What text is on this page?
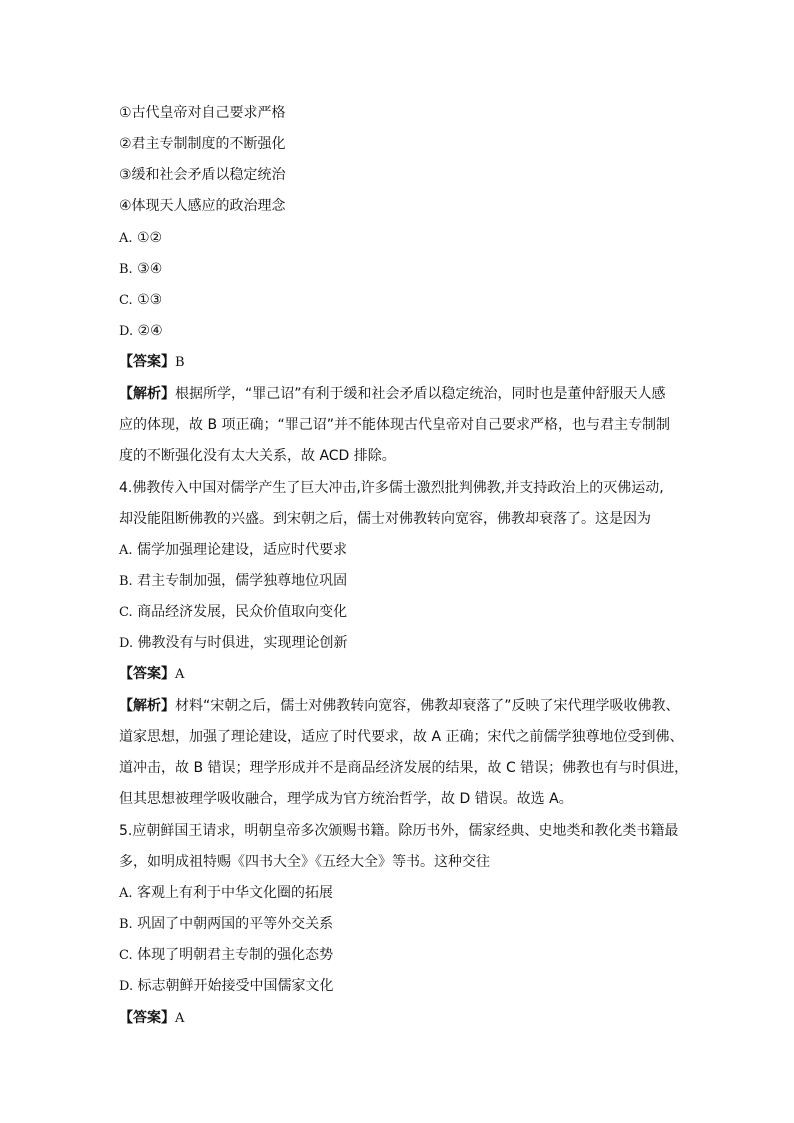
①古代皇帝对自己要求严格
②君主专制制度的不断强化
③缓和社会矛盾以稳定统治
④体现天人感应的政治理念
A. ①②
B. ③④
C. ①③
D. ②④
【答案】B
【解析】根据所学，“罪己诏”有利于缓和社会矛盾以稳定统治，同时也是董仲舒服天人感
应的体现，故 B 项正确；“罪己诏”并不能体现古代皇帝对自己要求严格，也与君主专制制
度的不断强化没有太大关系，故 ACD 排除。
4.佛教传入中国对儒学产生了巨大冲击,许多儒士激烈批判佛教,并支持政治上的灭佛运动,
却没能阻断佛教的兴盛。到宋朝之后，儒士对佛教转向宽容，佛教却衰落了。这是因为
A. 儒学加强理论建设，适应时代要求
B. 君主专制加强，儒学独尊地位巩固
C. 商品经济发展，民众价值取向变化
D. 佛教没有与时俱进，实现理论创新
【答案】A
【解析】材料“宋朝之后，儒士对佛教转向宽容，佛教却衰落了”反映了宋代理学吸收佛教、
道家思想，加强了理论建设，适应了时代要求，故 A 正确；宋代之前儒学独尊地位受到佛、
道冲击，故 B 错误；理学形成并不是商品经济发展的结果，故 C 错误；佛教也有与时俱进，
但其思想被理学吸收融合，理学成为官方统治哲学，故 D 错误。故选 A。
5.应朝鲜国王请求，明朝皇帝多次颁赐书籍。除历书外，儒家经典、史地类和教化类书籍最
多，如明成祖特赐《四书大全》《五经大全》等书。这种交往
A. 客观上有利于中华文化圈的拓展
B. 巩固了中朝两国的平等外交关系
C. 体现了明朝君主专制的强化态势
D. 标志朝鲜开始接受中国儒家文化
【答案】A
